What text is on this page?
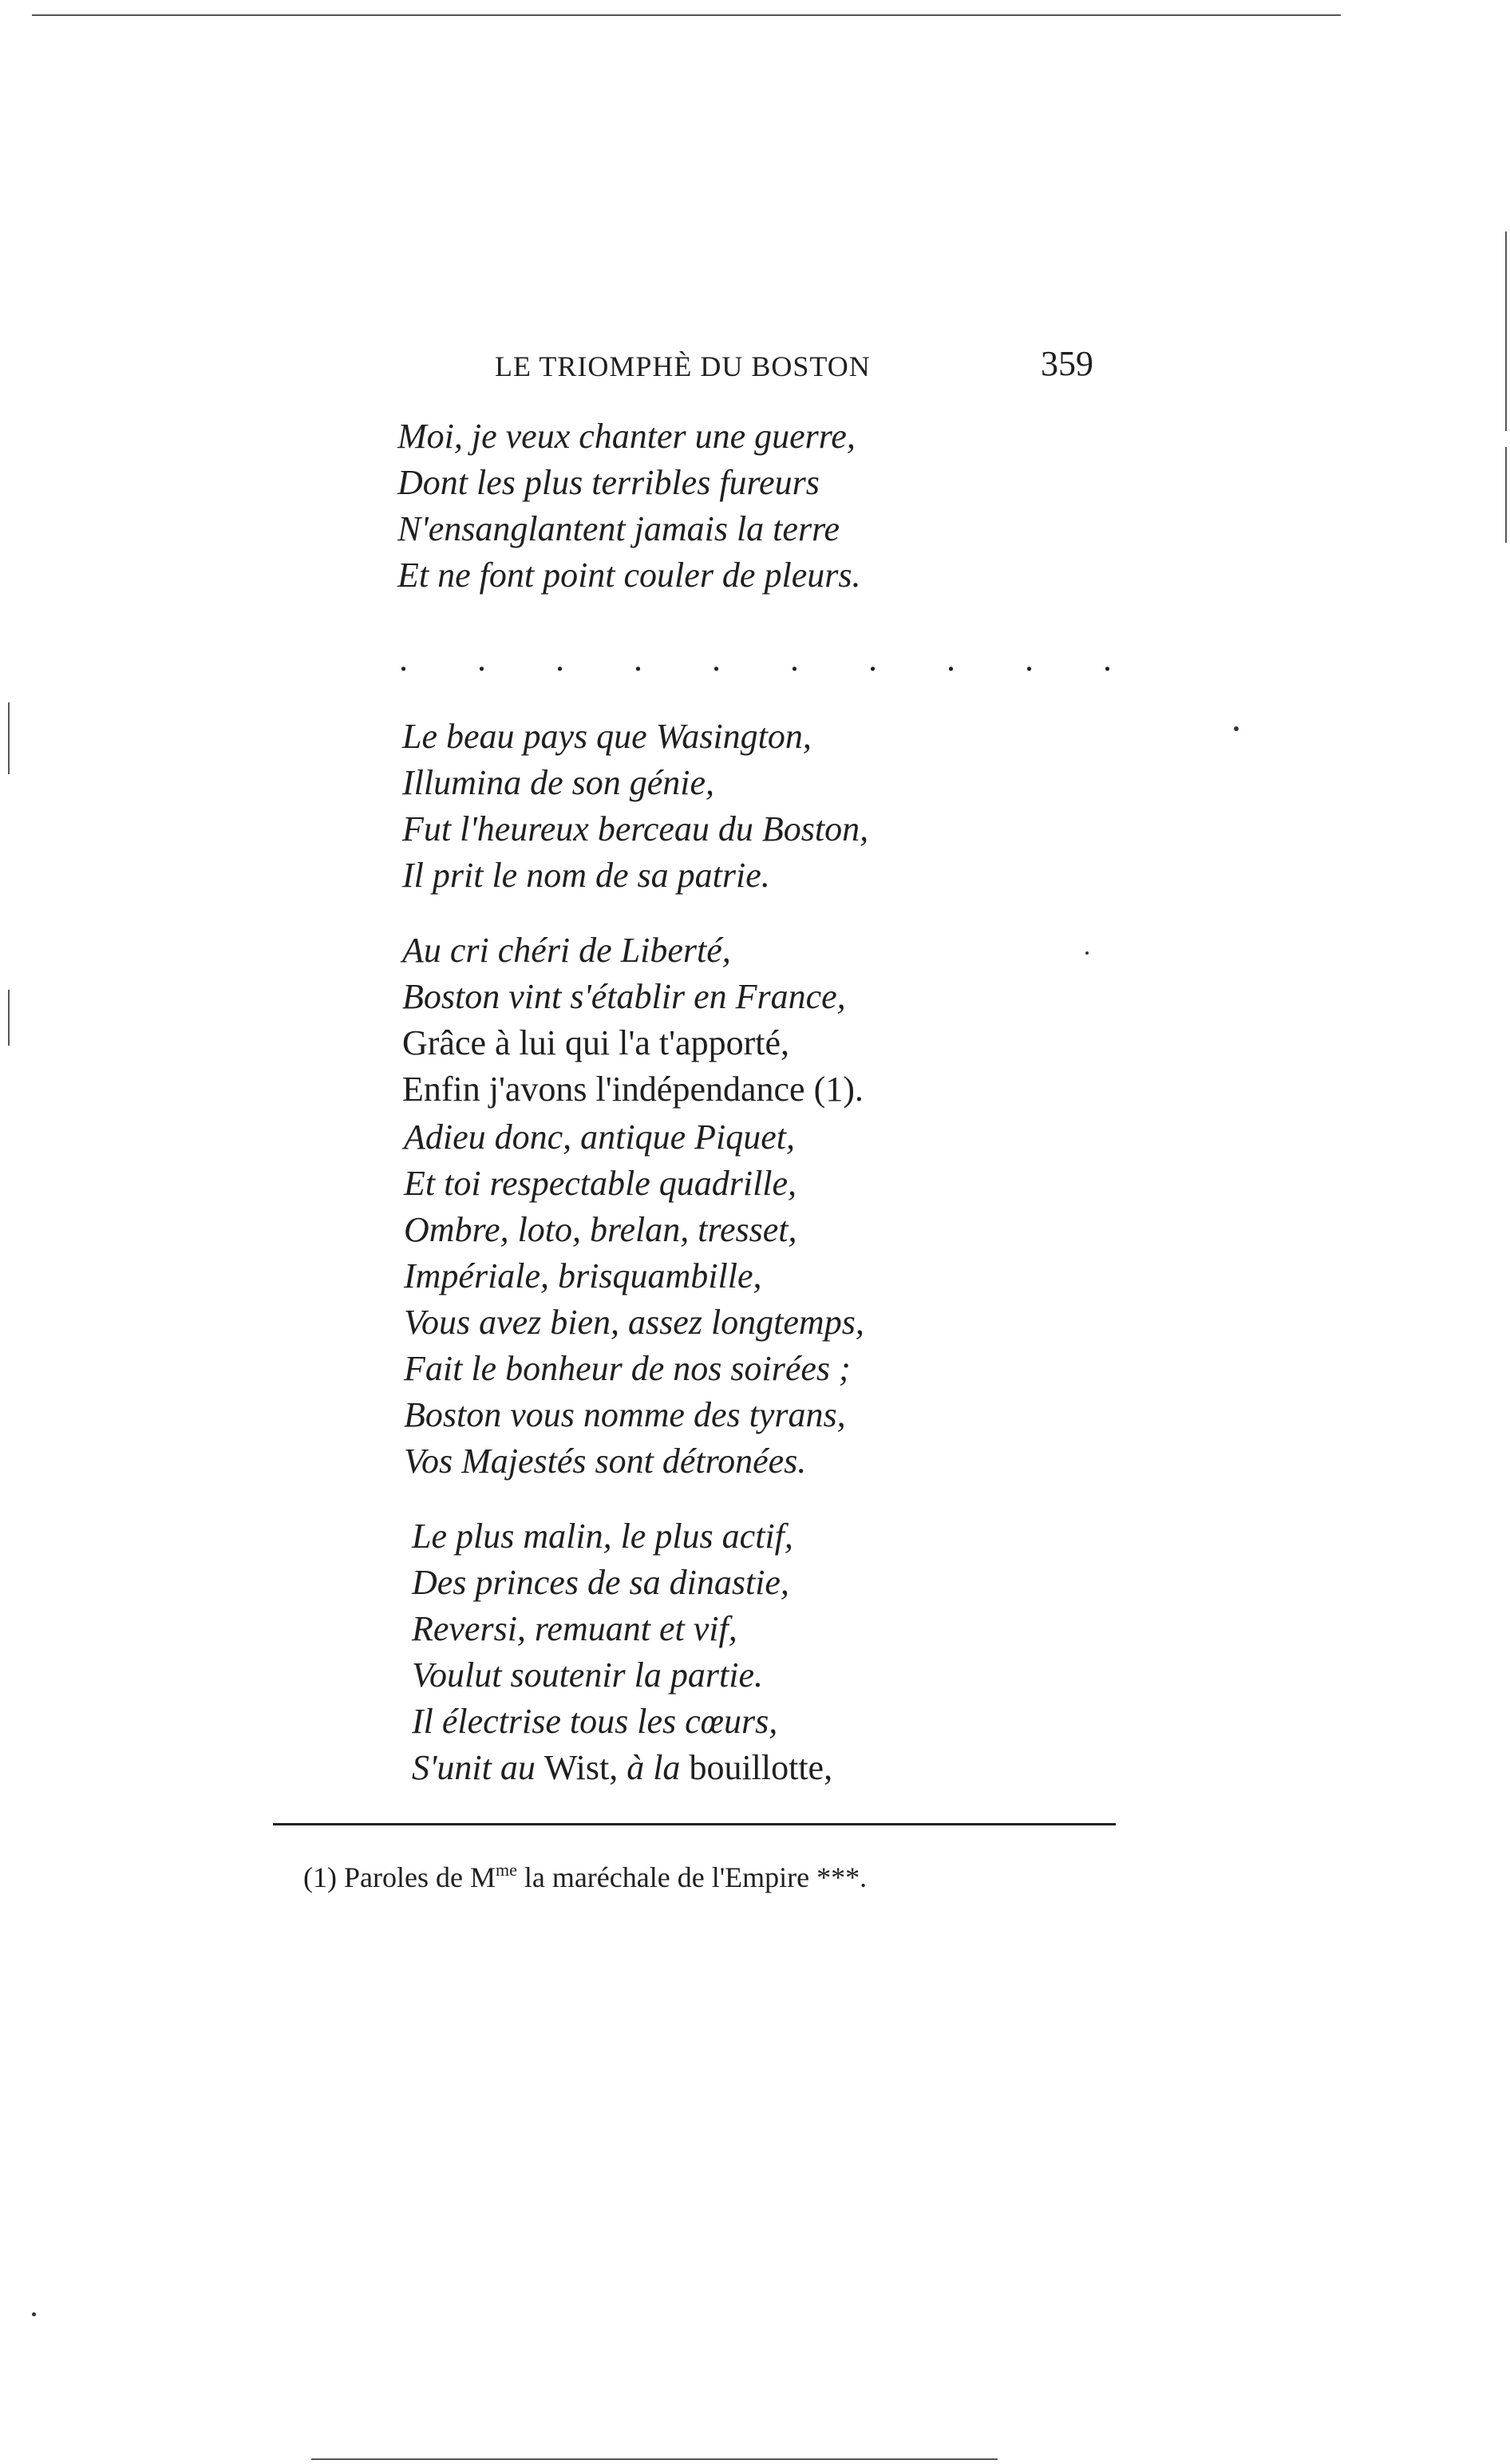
LE TRIOMPHÈ DU BOSTON	359
Moi, je veux chanter une guerre,
Dont les plus terribles fureurs
N'ensanglantent jamais la terre
Et ne font point couler de pleurs.
. . . . . . . . . .
Le beau pays que Wasington,
Illumina de son génie,
Fut l'heureux berceau du Boston,
Il prit le nom de sa patrie.
Au cri chéri de Liberté,
Boston vint s'établir en France,
Grâce à lui qui l'a t'apporté,
Enfin j'avons l'indépendance (1).
Adieu donc, antique Piquet,
Et toi respectable quadrille,
Ombre, loto, brelan, tresset,
Impériale, brisquambille,
Vous avez bien, assez longtemps,
Fait le bonheur de nos soirées ;
Boston vous nomme des tyrans,
Vos Majestés sont détronées.
Le plus malin, le plus actif,
Des princes de sa dinastie,
Reversi, remuant et vif,
Voulut soutenir la partie.
Il électrise tous les cœurs,
S'unit au Wist, à la bouillotte,
(1) Paroles de $M^{me}$ la maréchale de l'Empire ***.
